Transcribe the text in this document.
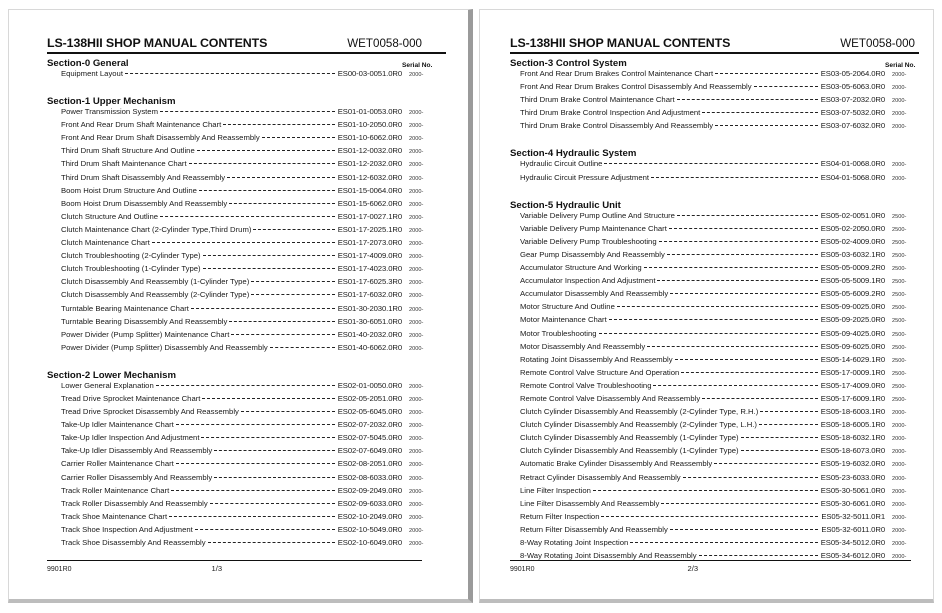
LS-138HII SHOP MANUAL CONTENTS	WET0058-000
Section-0 General	Serial No.
Equipment Layout	ES00-03-0051.0R0	2000-
Section-1 Upper Mechanism
Power Transmission System	ES01-01-0053.0R0	2000-
Front And Rear Drum Shaft Maintenance Chart	ES01-10-2050.0R0	2000-
Front And Rear Drum Shaft Disassembly And Reassembly	ES01-10-6062.0R0	2000-
Third Drum Shaft Structure And Outline	ES01-12-0032.0R0	2000-
Third Drum Shaft Maintenance Chart	ES01-12-2032.0R0	2000-
Third Drum Shaft Disassembly And Reassembly	ES01-12-6032.0R0	2000-
Boom Hoist Drum Structure And Outline	ES01-15-0064.0R0	2000-
Boom Hoist Drum Disassembly And Reassembly	ES01-15-6062.0R0	2000-
Clutch Structure And Outline	ES01-17-0027.1R0	2000-
Clutch Maintenance Chart (2-Cylinder Type,Third Drum)	ES01-17-2025.1R0	2000-
Clutch Maintenance Chart	ES01-17-2073.0R0	2000-
Clutch Troubleshooting (2-Cylinder Type)	ES01-17-4009.0R0	2000-
Clutch Troubleshooting (1-Cylinder Type)	ES01-17-4023.0R0	2000-
Clutch Disassembly And Reassembly (1-Cylinder Type)	ES01-17-6025.3R0	2000-
Clutch Disassembly And Reassembly (2-Cylinder Type)	ES01-17-6032.0R0	2000-
Turntable Bearing Maintenance Chart	ES01-30-2030.1R0	2000-
Turntable Bearing Disassembly And Reassembly	ES01-30-6051.0R0	2000-
Power Divider (Pump Splitter) Maintenance Chart	ES01-40-2032.0R0	2000-
Power Divider (Pump Splitter) Disassembly And Reassembly	ES01-40-6062.0R0	2000-
Section-2 Lower Mechanism
Lower General Explanation	ES02-01-0050.0R0	2000-
Tread Drive Sprocket Maintenance Chart	ES02-05-2051.0R0	2000-
Tread Drive Sprocket Disassembly And Reassembly	ES02-05-6045.0R0	2000-
Take-Up Idler Maintenance Chart	ES02-07-2032.0R0	2000-
Take-Up Idler Inspection And Adjustment	ES02-07-5045.0R0	2000-
Take-Up Idler Disassembly And Reassembly	ES02-07-6049.0R0	2000-
Carrier Roller Maintenance Chart	ES02-08-2051.0R0	2000-
Carrier Roller Disassembly And Reassembly	ES02-08-6033.0R0	2000-
Track Roller Maintenance Chart	ES02-09-2049.0R0	2000-
Track Roller Disassembly And Reassembly	ES02-09-6033.0R0	2000-
Track Shoe Maintenance Chart	ES02-10-2049.0R0	2000-
Track Shoe Inspection And Adjustment	ES02-10-5049.0R0	2000-
Track Shoe Disassembly And Reassembly	ES02-10-6049.0R0	2000-
9901R0	1/3
LS-138HII SHOP MANUAL CONTENTS	WET0058-000
Section-3 Control System	Serial No.
Front And Rear Drum Brakes Control Maintenance Chart	ES03-05-2064.0R0	2000-
Front And Rear Drum Brakes Control Disassembly And Reassembly	ES03-05-6063.0R0	2000-
Third Drum Brake Control Maintenance Chart	ES03-07-2032.0R0	2000-
Third Drum Brake Control Inspection And Adjustment	ES03-07-5032.0R0	2000-
Third Drum Brake Control Disassembly And Reassembly	ES03-07-6032.0R0	2000-
Section-4 Hydraulic System
Hydraulic Circuit Outline	ES04-01-0068.0R0	2000-
Hydraulic Circuit Pressure Adjustment	ES04-01-5068.0R0	2000-
Section-5 Hydraulic Unit
Variable Delivery Pump Outline And Structure	ES05-02-0051.0R0	2500-
Variable Delivery Pump Maintenance Chart	ES05-02-2050.0R0	2500-
Variable Delivery Pump Troubleshooting	ES05-02-4009.0R0	2500-
Gear Pump Disassembly And Reassembly	ES05-03-6032.1R0	2500-
Accumulator Structure And Working	ES05-05-0009.2R0	2500-
Accumulator Inspection And Adjustment	ES05-05-5009.1R0	2500-
Accumulator Disassembly And Reassembly	ES05-05-6009.2R0	2500-
Motor Structure And Outline	ES05-09-0025.0R0	2500-
Motor Maintenance Chart	ES05-09-2025.0R0	2500-
Motor Troubleshooting	ES05-09-4025.0R0	2500-
Motor Disassembly And Reassembly	ES05-09-6025.0R0	2500-
Rotating Joint Disassembly And Reassembly	ES05-14-6029.1R0	2500-
Remote Control Valve Structure And Operation	ES05-17-0009.1R0	2500-
Remote Control Valve Troubleshooting	ES05-17-4009.0R0	2500-
Remote Control Valve Disassembly And Reassembly	ES05-17-6009.1R0	2500-
Clutch Cylinder Disassembly And Reassembly (2-Cylinder Type, R.H.)	ES05-18-6003.1R0	2000-
Clutch Cylinder Disassembly And Reassembly (2-Cylinder Type, L.H.)	ES05-18-6005.1R0	2000-
Clutch Cylinder Disassembly And Reassembly (1-Cylinder Type)	ES05-18-6032.1R0	2000-
Clutch Cylinder Disassembly And Reassembly (1-Cylinder Type)	ES05-18-6073.0R0	2000-
Automatic Brake Cylinder Disassembly And Reassembly	ES05-19-6032.0R0	2000-
Retract Cylinder Disassembly And Reassembly	ES05-23-6033.0R0	2000-
Line Filter Inspection	ES05-30-5061.0R0	2000-
Line Filter Disassembly And Reassembly	ES05-30-6061.0R0	2000-
Return Filter Inspection	ES05-32-5011.0R1	2000-
Return Filter Disassembly And Reassembly	ES05-32-6011.0R0	2000-
8-Way Rotating Joint Inspection	ES05-34-5012.0R0	2000-
8-Way Rotating Joint Disassembly And Reassembly	ES05-34-6012.0R0	2000-
9901R0	2/3
